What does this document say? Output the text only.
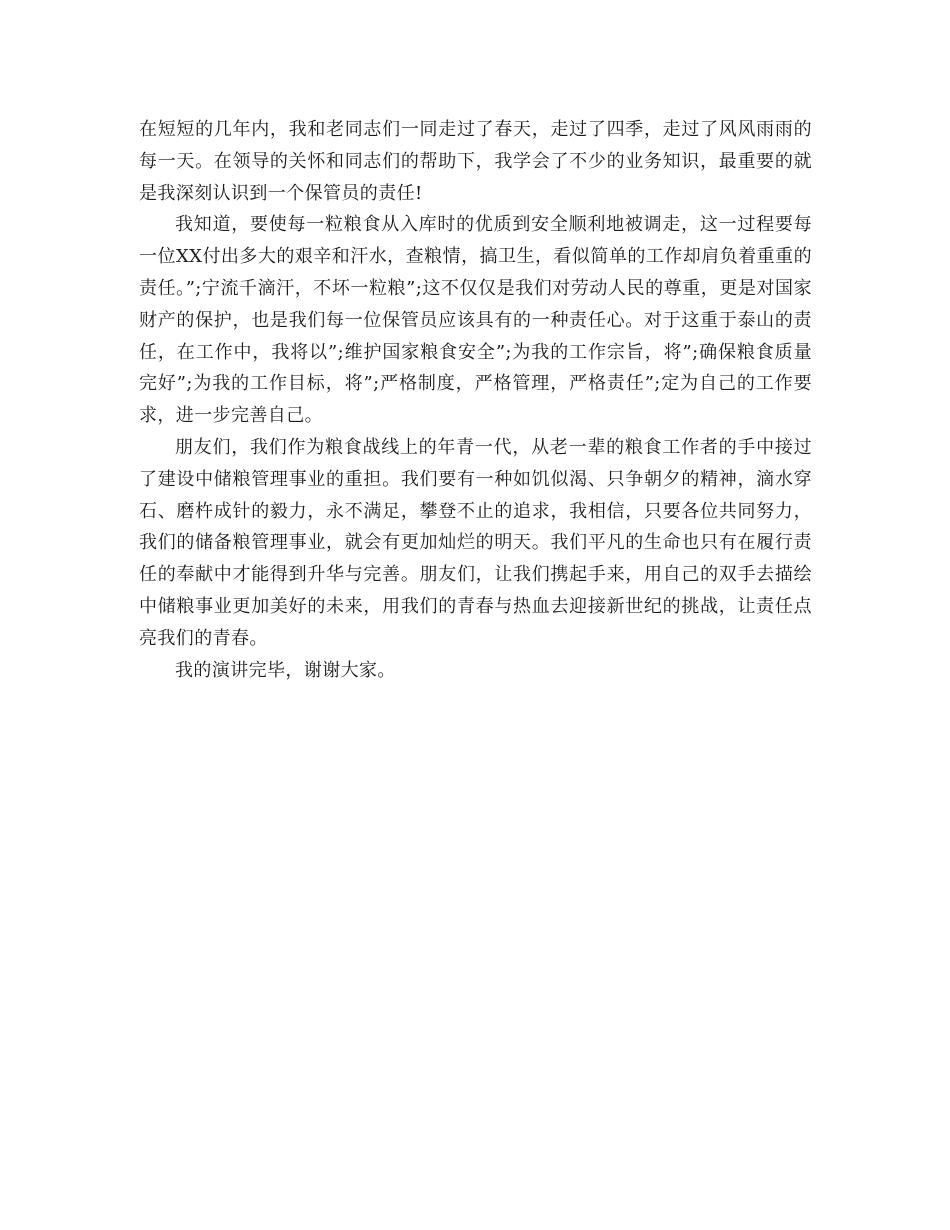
在短短的几年内，我和老同志们一同走过了春天，走过了四季，走过了风风雨雨的每一天。在领导的关怀和同志们的帮助下，我学会了不少的业务知识，最重要的就是我深刻认识到一个保管员的责任!

我知道，要使每一粒粮食从入库时的优质到安全顺利地被调走，这一过程要每一位XX付出多大的艰辛和汗水，查粮情，搞卫生，看似简单的工作却肩负着重重的责任。”;宁流千滴汗，不坏一粒粮”;这不仅仅是我们对劳动人民的尊重，更是对国家财产的保护，也是我们每一位保管员应该具有的一种责任心。对于这重于泰山的责任，在工作中，我将以”;维护国家粮食安全”;为我的工作宗旨，将”;确保粮食质量完好”;为我的工作目标，将”;严格制度，严格管理，严格责任”;定为自己的工作要求，进一步完善自己。

朋友们，我们作为粮食战线上的年青一代，从老一辈的粮食工作者的手中接过了建设中储粮管理事业的重担。我们要有一种如饥似渴、只争朝夕的精神，滴水穿石、磨杵成针的毅力，永不满足，攀登不止的追求，我相信，只要各位共同努力，我们的储备粮管理事业，就会有更加灿烂的明天。我们平凡的生命也只有在履行责任的奉献中才能得到升华与完善。朋友们，让我们携起手来，用自己的双手去描绘中储粮事业更加美好的未来，用我们的青春与热血去迎接新世纪的挑战，让责任点亮我们的青春。

我的演讲完毕，谢谢大家。
